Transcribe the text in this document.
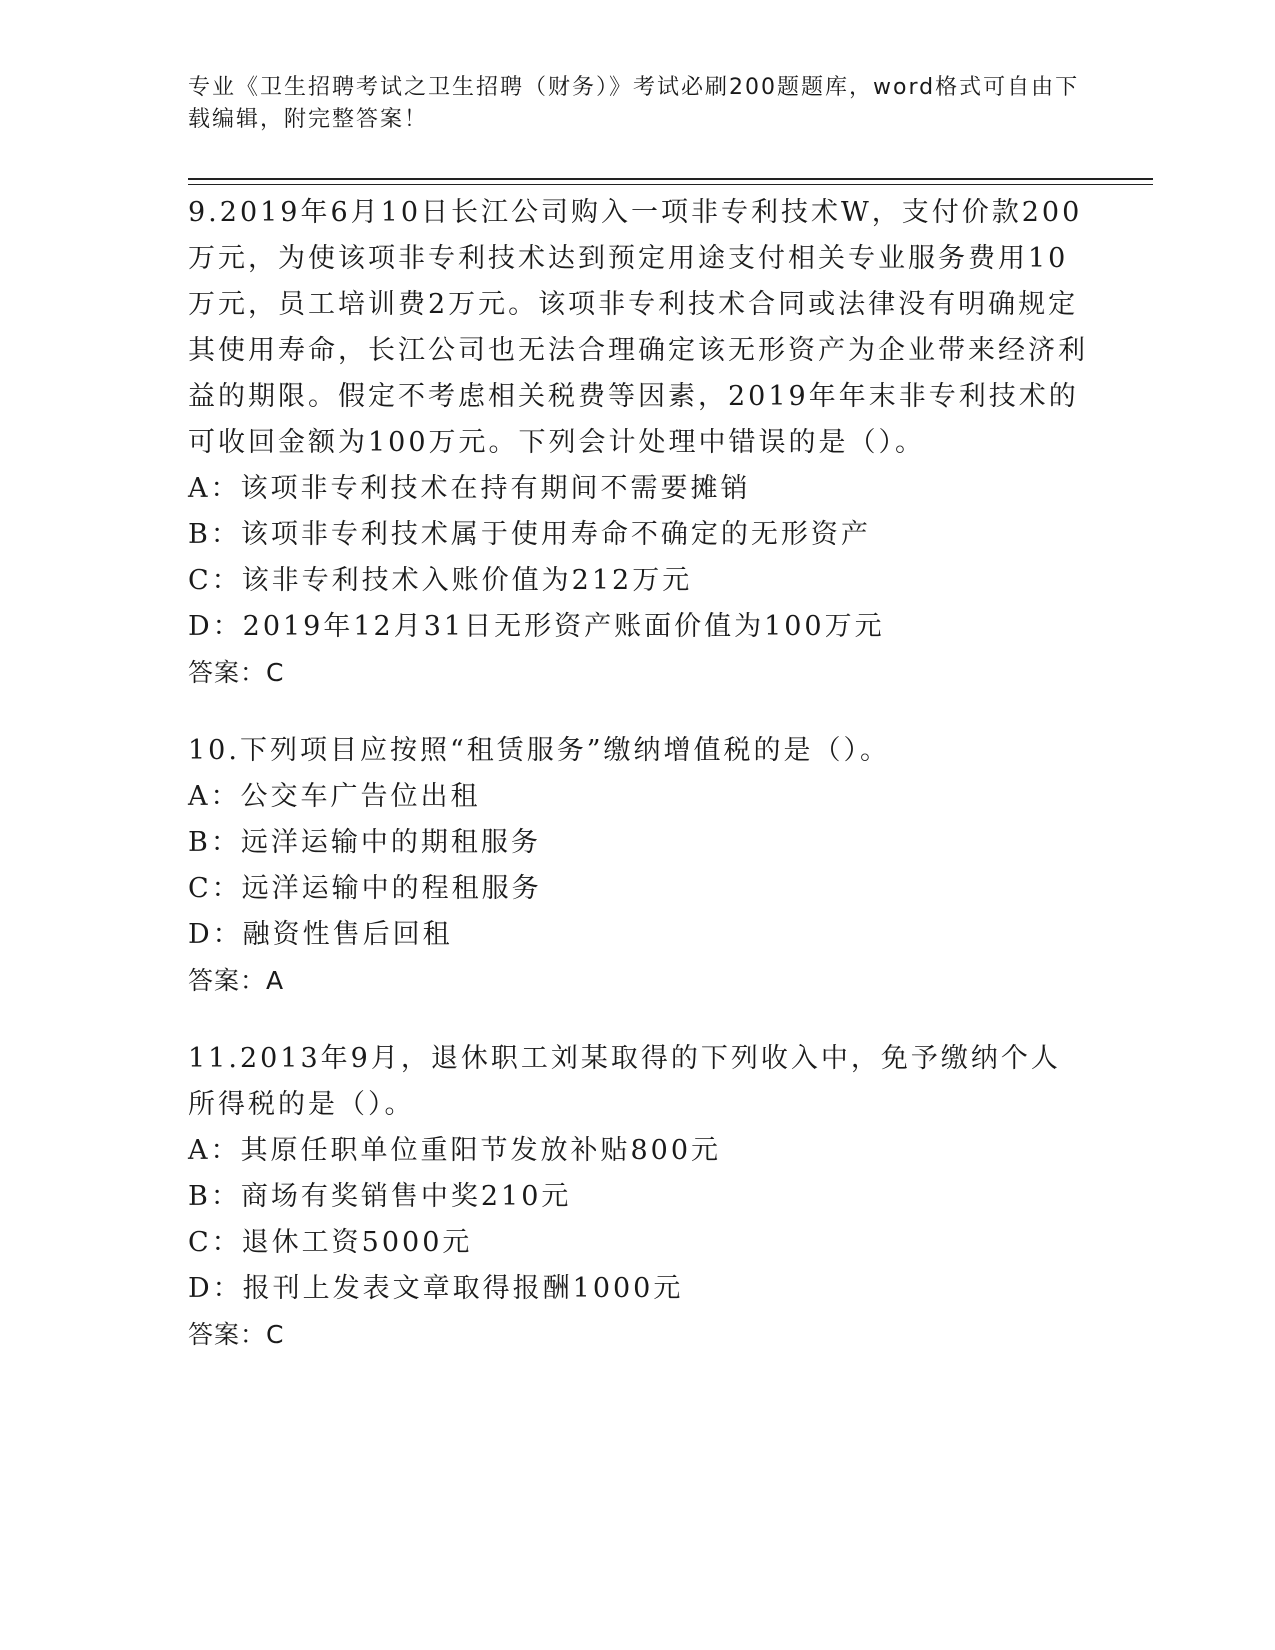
专业《卫生招聘考试之卫生招聘（财务）》考试必刷200题题库，word格式可自由下载编辑，附完整答案！

9.2019年6月10日长江公司购入一项非专利技术W，支付价款200万元，为使该项非专利技术达到预定用途支付相关专业服务费用10万元，员工培训费2万元。该项非专利技术合同或法律没有明确规定其使用寿命，长江公司也无法合理确定该无形资产为企业带来经济利益的期限。假定不考虑相关税费等因素，2019年年末非专利技术的可收回金额为100万元。下列会计处理中错误的是（）。

A：该项非专利技术在持有期间不需要摊销

B：该项非专利技术属于使用寿命不确定的无形资产

C：该非专利技术入账价值为212万元

D：2019年12月31日无形资产账面价值为100万元

答案：C

10.下列项目应按照“租赁服务”缴纳增值税的是（）。

A：公交车广告位出租

B：远洋运输中的期租服务

C：远洋运输中的程租服务

D：融资性售后回租

答案：A

11.2013年9月，退休职工刘某取得的下列收入中，免予缴纳个人所得税的是（）。

A：其原任职单位重阳节发放补贴800元

B：商场有奖销售中奖210元

C：退休工资5000元

D：报刊上发表文章取得报酬1000元

答案：C
